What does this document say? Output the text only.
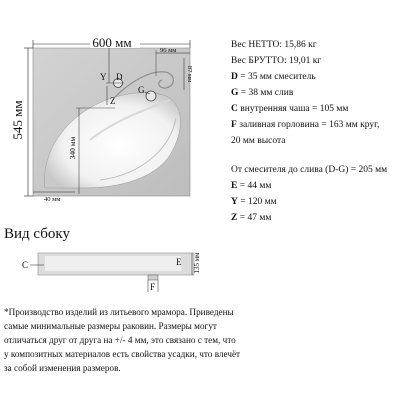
600 мм
545 мм
96 мм
87 мм
Y D
G
Z
340 мм
40 мм
C	E
F
135 мм
Вид сбоку
Вес НЕТТО: 15,86 кг
Вес БРУТТО: 19,01 кг
D = 35 мм смеситель
G = 38 мм слив
C внутренняя чаша = 105 мм
F заливная горловина = 163 мм круг,
20 мм высота
От смесителя до слива (D-G) = 205 мм
E = 44 мм
Y = 120 мм
Z = 47 мм
*Производство изделий из литьевого мрамора. Приведены
самые минимальные размеры раковин. Размеры могут
отличаться друг от друга на +/- 4 мм, это связано с тем, что
у композитных материалов есть свойства усадки, что влечёт
за собой изменения размеров.
